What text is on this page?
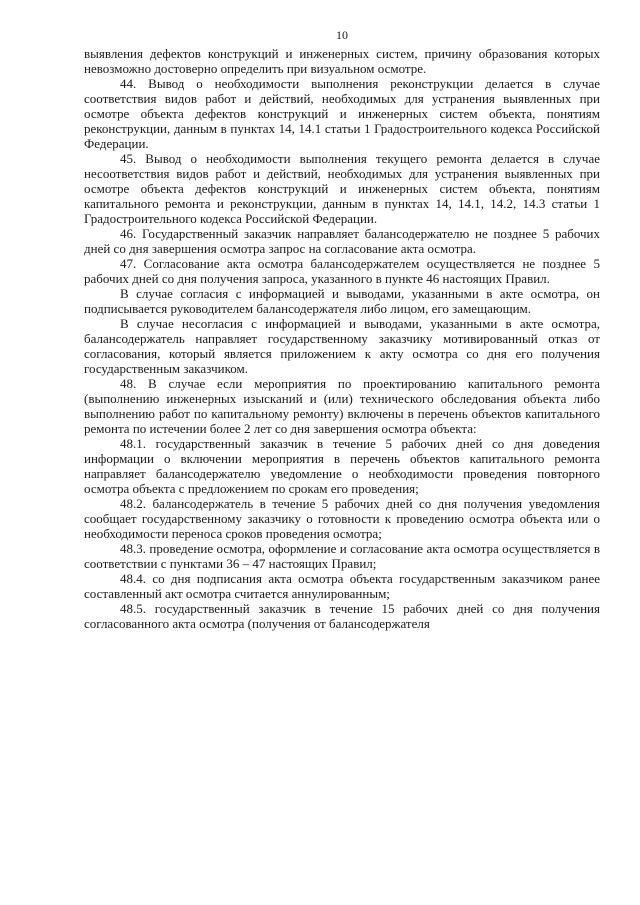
10

выявления дефектов конструкций и инженерных систем, причину образования которых невозможно достоверно определить при визуальном осмотре.

44. Вывод о необходимости выполнения реконструкции делается в случае соответствия видов работ и действий, необходимых для устранения выявленных при осмотре объекта дефектов конструкций и инженерных систем объекта, понятиям реконструкции, данным в пунктах 14, 14.1 статьи 1 Градостроительного кодекса Российской Федерации.

45. Вывод о необходимости выполнения текущего ремонта делается в случае несоответствия видов работ и действий, необходимых для устранения выявленных при осмотре объекта дефектов конструкций и инженерных систем объекта, понятиям капитального ремонта и реконструкции, данным в пунктах 14, 14.1, 14.2, 14.3 статьи 1 Градостроительного кодекса Российской Федерации.

46. Государственный заказчик направляет балансодержателю не позднее 5 рабочих дней со дня завершения осмотра запрос на согласование акта осмотра.

47. Согласование акта осмотра балансодержателем осуществляется не позднее 5 рабочих дней со дня получения запроса, указанного в пункте 46 настоящих Правил.

В случае согласия с информацией и выводами, указанными в акте осмотра, он подписывается руководителем балансодержателя либо лицом, его замещающим.

В случае несогласия с информацией и выводами, указанными в акте осмотра, балансодержатель направляет государственному заказчику мотивированный отказ от согласования, который является приложением к акту осмотра со дня его получения государственным заказчиком.

48. В случае если мероприятия по проектированию капитального ремонта (выполнению инженерных изысканий и (или) технического обследования объекта либо выполнению работ по капитальному ремонту) включены в перечень объектов капитального ремонта по истечении более 2 лет со дня завершения осмотра объекта:

48.1. государственный заказчик в течение 5 рабочих дней со дня доведения информации о включении мероприятия в перечень объектов капитального ремонта направляет балансодержателю уведомление о необходимости проведения повторного осмотра объекта с предложением по срокам его проведения;

48.2. балансодержатель в течение 5 рабочих дней со дня получения уведомления сообщает государственному заказчику о готовности к проведению осмотра объекта или о необходимости переноса сроков проведения осмотра;

48.3. проведение осмотра, оформление и согласование акта осмотра осуществляется в соответствии с пунктами 36 – 47 настоящих Правил;

48.4. со дня подписания акта осмотра объекта государственным заказчиком ранее составленный акт осмотра считается аннулированным;

48.5. государственный заказчик в течение 15 рабочих дней со дня получения согласованного акта осмотра (получения от балансодержателя
